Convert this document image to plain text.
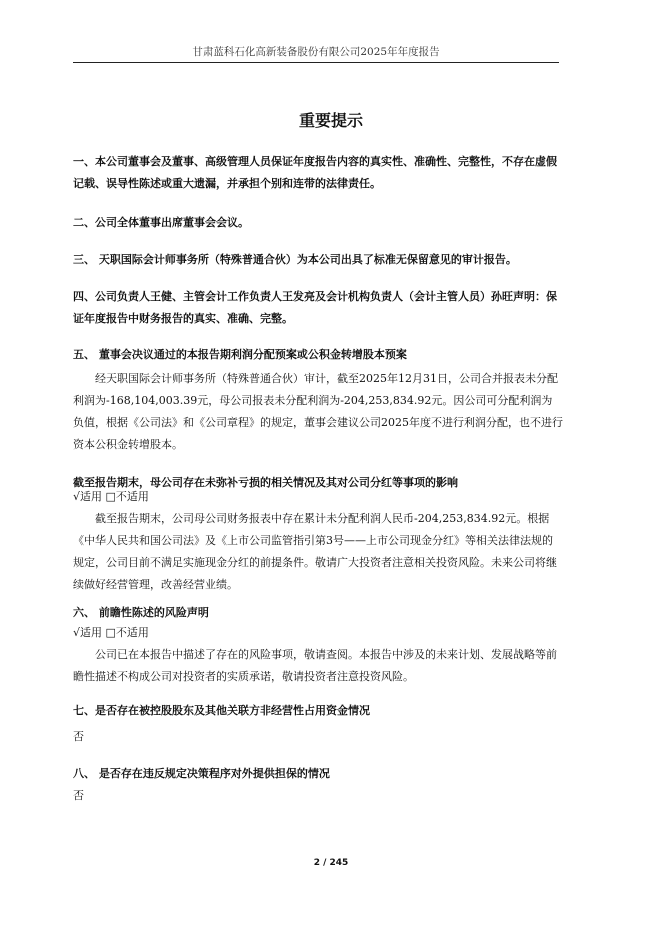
甘肃蓝科石化高新装备股份有限公司2025年年度报告
重要提示
一、本公司董事会及董事、高级管理人员保证年度报告内容的真实性、准确性、完整性，不存在虚假记载、误导性陈述或重大遗漏，并承担个别和连带的法律责任。
二、公司全体董事出席董事会会议。
三、 天职国际会计师事务所（特殊普通合伙）为本公司出具了标准无保留意见的审计报告。
四、公司负责人王健、主管会计工作负责人王发亮及会计机构负责人（会计主管人员）孙旺声明：保证年度报告中财务报告的真实、准确、完整。
五、 董事会决议通过的本报告期利润分配预案或公积金转增股本预案
经天职国际会计师事务所（特殊普通合伙）审计，截至2025年12月31日，公司合并报表未分配利润为-168,104,003.39元，母公司报表未分配利润为-204,253,834.92元。因公司可分配利润为负值，根据《公司法》和《公司章程》的规定，董事会建议公司2025年度不进行利润分配，也不进行资本公积金转增股本。
截至报告期末，母公司存在未弥补亏损的相关情况及其对公司分红等事项的影响
√适用 □不适用
截至报告期末，公司母公司财务报表中存在累计未分配利润人民币-204,253,834.92元。根据《中华人民共和国公司法》及《上市公司监管指引第3号——上市公司现金分红》等相关法律法规的规定，公司目前不满足实施现金分红的前提条件。敬请广大投资者注意相关投资风险。未来公司将继续做好经营管理，改善经营业绩。
六、 前瞻性陈述的风险声明
√适用 □不适用
公司已在本报告中描述了存在的风险事项，敬请查阅。本报告中涉及的未来计划、发展战略等前瞻性描述不构成公司对投资者的实质承诺，敬请投资者注意投资风险。
七、是否存在被控股股东及其他关联方非经营性占用资金情况
否
八、 是否存在违反规定决策程序对外提供担保的情况
否
2 / 245
